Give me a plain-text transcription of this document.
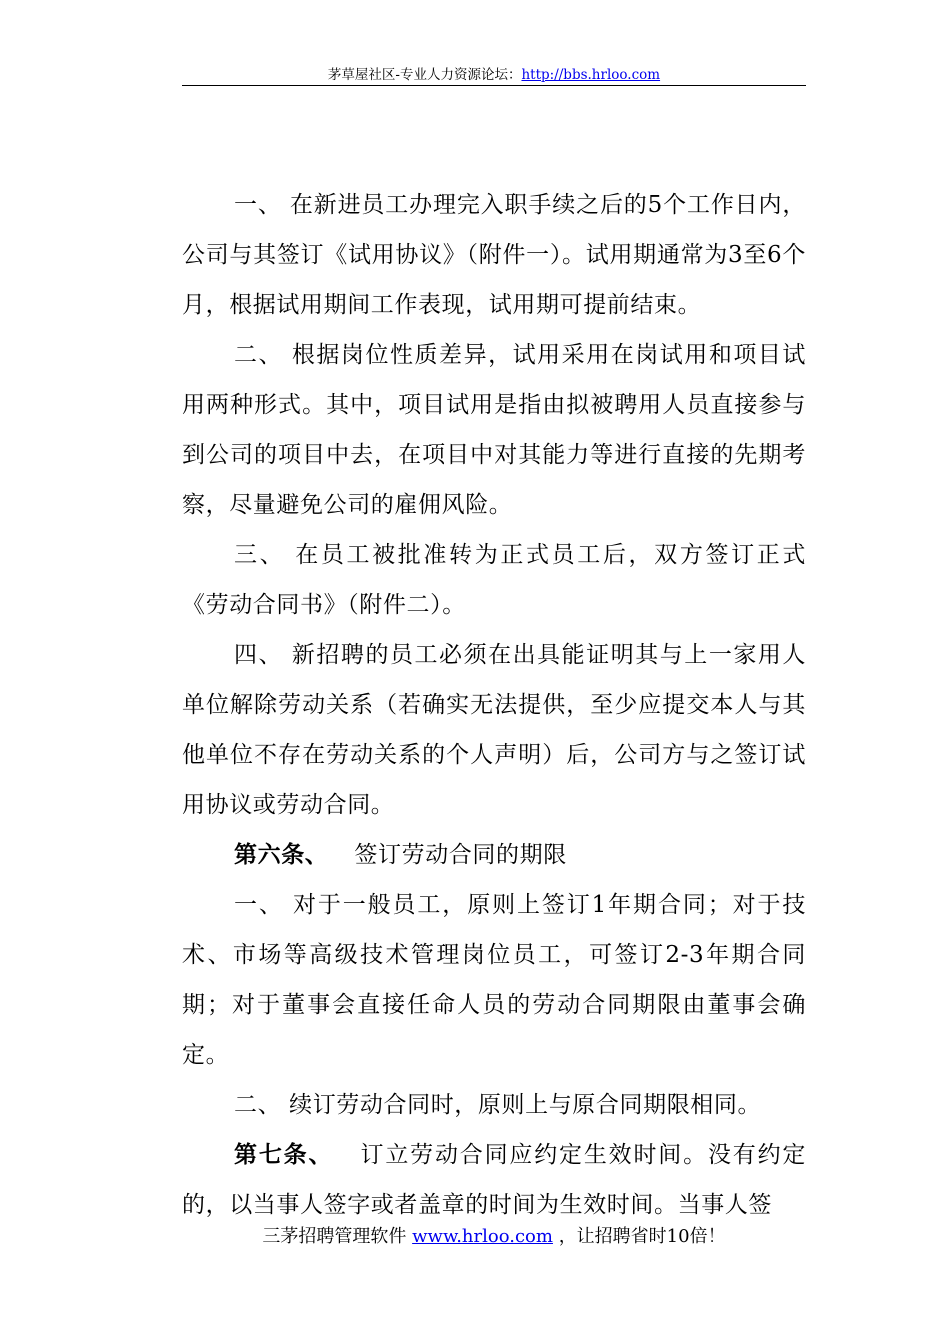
茅草屋社区-专业人力资源论坛：http://bbs.hrloo.com

一、 在新进员工办理完入职手续之后的5个工作日内，公司与其签订《试用协议》（附件一）。试用期通常为3至6个月，根据试用期间工作表现，试用期可提前结束。

二、 根据岗位性质差异，试用采用在岗试用和项目试用两种形式。其中，项目试用是指由拟被聘用人员直接参与到公司的项目中去，在项目中对其能力等进行直接的先期考察，尽量避免公司的雇佣风险。

三、 在员工被批准转为正式员工后，双方签订正式《劳动合同书》（附件二）。

四、 新招聘的员工必须在出具能证明其与上一家用人单位解除劳动关系（若确实无法提供，至少应提交本人与其他单位不存在劳动关系的个人声明）后，公司方与之签订试用协议或劳动合同。

第六条、 签订劳动合同的期限

一、 对于一般员工，原则上签订1年期合同；对于技术、市场等高级技术管理岗位员工，可签订2-3年期合同期；对于董事会直接任命人员的劳动合同期限由董事会确定。

二、 续订劳动合同时，原则上与原合同期限相同。

第七条、 订立劳动合同应约定生效时间。没有约定的，以当事人签字或者盖章的时间为生效时间。当事人签

三茅招聘管理软件 www.hrloo.com ，让招聘省时10倍！
